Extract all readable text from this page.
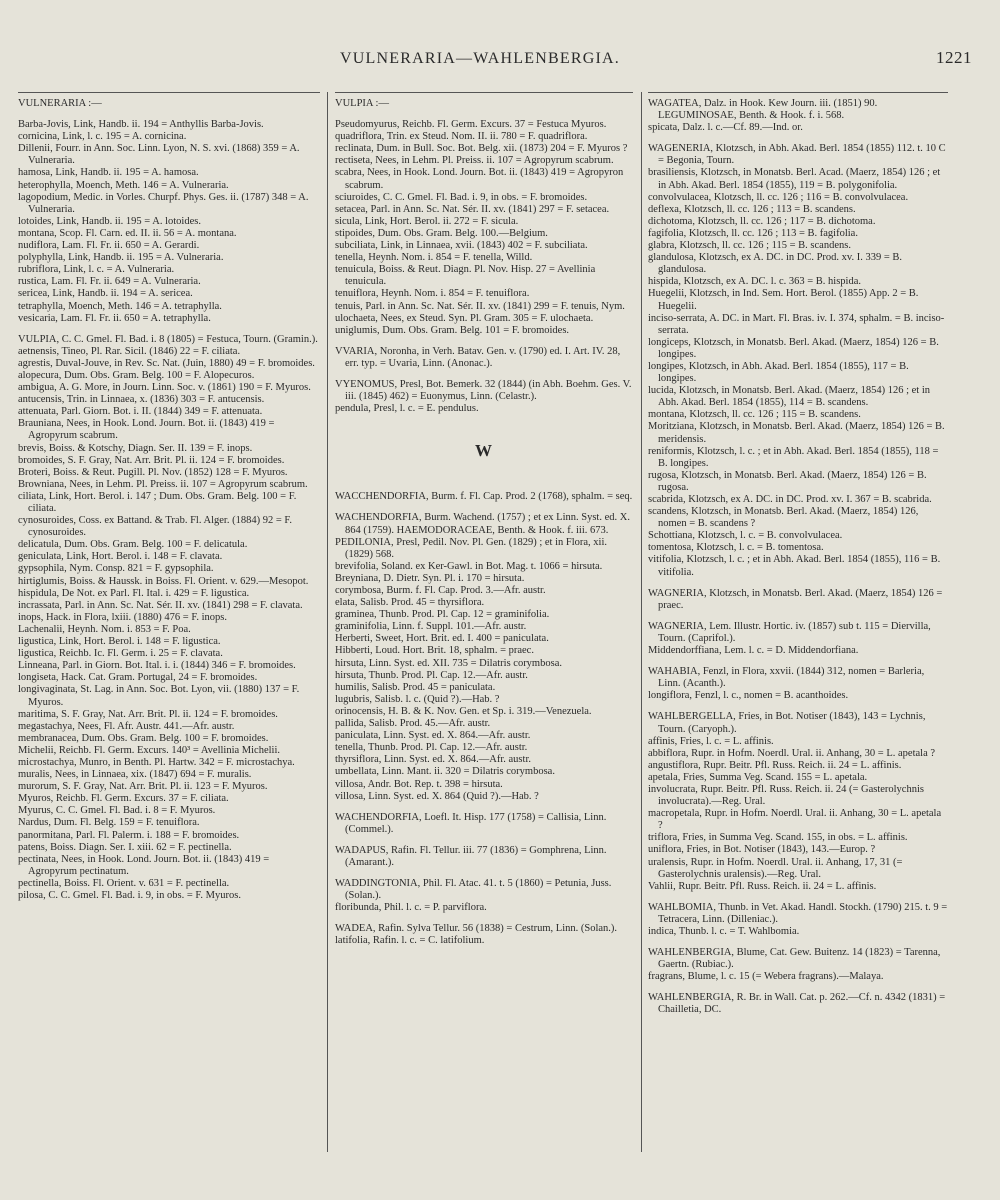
VULNERARIA—WAHLENBERGIA.	1221
VULNERARIA :—
Barba-Jovis, Link, Handb. ii. 194 = Anthyllis Barba-Jovis.
cornicina, Link, l. c. 195 = A. cornicina.
Dillenii, Fourr. in Ann. Soc. Linn. Lyon, N. S. xvi. (1868) 359 = A. Vulneraria.
hamosa, Link, Handb. ii. 195 = A. hamosa.
heterophylla, Moench, Meth. 146 = A. Vulneraria.
lagopodium, Medic. in Vorles. Churpf. Phys. Ges. ii. (1787) 348 = A. Vulneraria.
lotoides, Link, Handb. ii. 195 = A. lotoides.
montana, Scop. Fl. Carn. ed. II. ii. 56 = A. montana.
nudiflora, Lam. Fl. Fr. ii. 650 = A. Gerardi.
polyphylla, Link, Handb. ii. 195 = A. Vulneraria.
rubriflora, Link, l. c. = A. Vulneraria.
rustica, Lam. Fl. Fr. ii. 649 = A. Vulneraria.
sericea, Link, Handb. ii. 194 = A. sericea.
tetraphylla, Moench, Meth. 146 = A. tetraphylla.
vesicaria, Lam. Fl. Fr. ii. 650 = A. tetraphylla.
VULPIA, C. C. Gmel. Fl. Bad. i. 8 (1805) = Festuca, Tourn. (Gramin.).
aetnensis, Tineo, Pl. Rar. Sicil. (1846) 22 = F. ciliata.
agrestis, Duval-Jouve, in Rev. Sc. Nat. (Juin, 1880) 49 = F. bromoides.
alopecura, Dum. Obs. Gram. Belg. 100 = F. Alopecuros.
ambigua, A. G. More, in Journ. Linn. Soc. v. (1861) 190 = F. Myuros.
antucensis, Trin. in Linnaea, x. (1836) 303 = F. antucensis.
attenuata, Parl. Giorn. Bot. i. II. (1844) 349 = F. attenuata.
Brauniana, Nees, in Hook. Lond. Journ. Bot. ii. (1843) 419 = Agropyrum scabrum.
brevis, Boiss. & Kotschy, Diagn. Ser. II. 139 = F. inops.
bromoides, S. F. Gray, Nat. Arr. Brit. Pl. ii. 124 = F. bromoides.
Broteri, Boiss. & Reut. Pugill. Pl. Nov. (1852) 128 = F. Myuros.
Browniana, Nees, in Lehm. Pl. Preiss. ii. 107 = Agropyrum scabrum.
ciliata, Link, Hort. Berol. i. 147 ; Dum. Obs. Gram. Belg. 100 = F. ciliata.
cynosuroides, Coss. ex Battand. & Trab. Fl. Alger. (1884) 92 = F. cynosuroides.
delicatula, Dum. Obs. Gram. Belg. 100 = F. delicatula.
geniculata, Link, Hort. Berol. i. 148 = F. clavata.
gypsophila, Nym. Consp. 821 = F. gypsophila.
hirtiglumis, Boiss. & Haussk. in Boiss. Fl. Orient. v. 629.—Mesopot.
hispidula, De Not. ex Parl. Fl. Ital. i. 429 = F. ligustica.
incrassata, Parl. in Ann. Sc. Nat. Sér. II. xv. (1841) 298 = F. clavata.
inops, Hack. in Flora, lxiii. (1880) 476 = F. inops.
Lachenalii, Heynh. Nom. i. 853 = F. Poa.
ligustica, Link, Hort. Berol. i. 148 = F. ligustica.
ligustica, Reichb. Ic. Fl. Germ. i. 25 = F. clavata.
Linneana, Parl. in Giorn. Bot. Ital. i. i. (1844) 346 = F. bromoides.
longiseta, Hack. Cat. Gram. Portugal, 24 = F. bromoides.
longivaginata, St. Lag. in Ann. Soc. Bot. Lyon, vii. (1880) 137 = F. Myuros.
maritima, S. F. Gray, Nat. Arr. Brit. Pl. ii. 124 = F. bromoides.
megastachya, Nees, Fl. Afr. Austr. 441.—Afr. austr.
membranacea, Dum. Obs. Gram. Belg. 100 = F. bromoides.
Michelii, Reichb. Fl. Germ. Excurs. 140³ = Avellinia Michelii.
microstachya, Munro, in Benth. Pl. Hartw. 342 = F. microstachya.
muralis, Nees, in Linnaea, xix. (1847) 694 = F. muralis.
murorum, S. F. Gray, Nat. Arr. Brit. Pl. ii. 123 = F. Myuros.
Myuros, Reichb. Fl. Germ. Excurs. 37 = F. ciliata.
Myurus, C. C. Gmel. Fl. Bad. i. 8 = F. Myuros.
Nardus, Dum. Fl. Belg. 159 = F. tenuiflora.
panormitana, Parl. Fl. Palerm. i. 188 = F. bromoides.
patens, Boiss. Diagn. Ser. I. xiii. 62 = F. pectinella.
pectinata, Nees, in Hook. Lond. Journ. Bot. ii. (1843) 419 = Agropyrum pectinatum.
pectinella, Boiss. Fl. Orient. v. 631 = F. pectinella.
pilosa, C. C. Gmel. Fl. Bad. i. 9, in obs. = F. Myuros.
VULPIA :—
Pseudomyurus, Reichb. Fl. Germ. Excurs. 37 = Festuca Myuros.
quadriflora, Trin. ex Steud. Nom. II. ii. 780 = F. quadriflora.
reclinata, Dum. in Bull. Soc. Bot. Belg. xii. (1873) 204 = F. Myuros ?
rectiseta, Nees, in Lehm. Pl. Preiss. ii. 107 = Agropyrum scabrum.
scabra, Nees, in Hook. Lond. Journ. Bot. ii. (1843) 419 = Agropyron scabrum.
sciuroides, C. C. Gmel. Fl. Bad. i. 9, in obs. = F. bromoides.
setacea, Parl. in Ann. Sc. Nat. Sér. II. xv. (1841) 297 = F. setacea.
sicula, Link, Hort. Berol. ii. 272 = F. sicula.
stipoides, Dum. Obs. Gram. Belg. 100.—Belgium.
subciliata, Link, in Linnaea, xvii. (1843) 402 = F. subciliata.
tenella, Heynh. Nom. i. 854 = F. tenella, Willd.
tenuicula, Boiss. & Reut. Diagn. Pl. Nov. Hisp. 27 = Avellinia tenuicula.
tenuiflora, Heynh. Nom. i. 854 = F. tenuiflora.
tenuis, Parl. in Ann. Sc. Nat. Sér. II. xv. (1841) 299 = F. tenuis, Nym.
ulochaeta, Nees, ex Steud. Syn. Pl. Gram. 305 = F. ulochaeta.
uniglumis, Dum. Obs. Gram. Belg. 101 = F. bromoides.
VVARIA, Noronha, in Verh. Batav. Gen. v. (1790) ed. I. Art. IV. 28, err. typ. = Uvaria, Linn. (Anonac.).
VYENOMUS, Presl, Bot. Bemerk. 32 (1844) (in Abh. Boehm. Ges. V. iii. (1845) 462) = Euonymus, Linn. (Celastr.).
pendula, Presl, l. c. = E. pendulus.
W
WACCHENDORFIA, Burm. f. Fl. Cap. Prod. 2 (1768), sphalm. = seq.
WACHENDORFIA, Burm. Wachend. (1757) ; et ex Linn. Syst. ed. X. 864 (1759). HAEMODORACEAE, Benth. & Hook. f. iii. 673.
PEDILONIA, Presl, Pedil. Nov. Pl. Gen. (1829) ; et in Flora, xii. (1829) 568.
brevifolia, Soland. ex Ker-Gawl. in Bot. Mag. t. 1066 = hirsuta.
Breyniana, D. Dietr. Syn. Pl. i. 170 = hirsuta.
corymbosa, Burm. f. Fl. Cap. Prod. 3.—Afr. austr.
elata, Salisb. Prod. 45 = thyrsiflora.
graminea, Thunb. Prod. Pl. Cap. 12 = graminifolia.
graminifolia, Linn. f. Suppl. 101.—Afr. austr.
Herberti, Sweet, Hort. Brit. ed. I. 400 = paniculata.
Hibberti, Loud. Hort. Brit. 18, sphalm. = praec.
hirsuta, Linn. Syst. ed. XII. 735 = Dilatris corymbosa.
hirsuta, Thunb. Prod. Pl. Cap. 12.—Afr. austr.
humilis, Salisb. Prod. 45 = paniculata.
lugubris, Salisb. l. c. (Quid ?).—Hab. ?
orinocensis, H. B. & K. Nov. Gen. et Sp. i. 319.—Venezuela.
pallida, Salisb. Prod. 45.—Afr. austr.
paniculata, Linn. Syst. ed. X. 864.—Afr. austr.
tenella, Thunb. Prod. Pl. Cap. 12.—Afr. austr.
thyrsiflora, Linn. Syst. ed. X. 864.—Afr. austr.
umbellata, Linn. Mant. ii. 320 = Dilatris corymbosa.
villosa, Andr. Bot. Rep. t. 398 = hirsuta.
villosa, Linn. Syst. ed. X. 864 (Quid ?).—Hab. ?
WACHENDORFIA, Loefl. It. Hisp. 177 (1758) = Callisia, Linn. (Commel.).
WADAPUS, Rafin. Fl. Tellur. iii. 77 (1836) = Gomphrena, Linn. (Amarant.).
WADDINGTONIA, Phil. Fl. Atac. 41. t. 5 (1860) = Petunia, Juss. (Solan.).
floribunda, Phil. l. c. = P. parviflora.
WADEA, Rafin. Sylva Tellur. 56 (1838) = Cestrum, Linn. (Solan.).
latifolia, Rafin. l. c. = C. latifolium.
WAGATEA, Dalz. in Hook. Kew Journ. iii. (1851) 90. LEGUMINOSAE, Benth. & Hook. f. i. 568.
spicata, Dalz. l. c.—Cf. 89.—Ind. or.
WAGENERIA, Klotzsch, in Abh. Akad. Berl. 1854 (1855) 112. t. 10 C = Begonia, Tourn.
brasiliensis, Klotzsch, in Monatsb. Berl. Acad. (Maerz, 1854) 126 ; et in Abh. Akad. Berl. 1854 (1855), 119 = B. polygonifolia.
convolvulacea, Klotzsch, ll. cc. 126 ; 116 = B. convolvulacea.
deflexa, Klotzsch, ll. cc. 126 ; 113 = B. scandens.
dichotoma, Klotzsch, ll. cc. 126 ; 117 = B. dichotoma.
fagifolia, Klotzsch, ll. cc. 126 ; 113 = B. fagifolia.
glabra, Klotzsch, ll. cc. 126 ; 115 = B. scandens.
glandulosa, Klotzsch, ex A. DC. in DC. Prod. xv. I. 339 = B. glandulosa.
hispida, Klotzsch, ex A. DC. l. c. 363 = B. hispida.
Huegelii, Klotzsch, in Ind. Sem. Hort. Berol. (1855) App. 2 = B. Huegelii.
inciso-serrata, A. DC. in Mart. Fl. Bras. iv. I. 374, sphalm. = B. inciso-serrata.
longiceps, Klotzsch, in Monatsb. Berl. Akad. (Maerz, 1854) 126 = B. longipes.
longipes, Klotzsch, in Abh. Akad. Berl. 1854 (1855), 117 = B. longipes.
lucida, Klotzsch, in Monatsb. Berl. Akad. (Maerz, 1854) 126 ; et in Abh. Akad. Berl. 1854 (1855), 114 = B. scandens.
montana, Klotzsch, ll. cc. 126 ; 115 = B. scandens.
Moritziana, Klotzsch, in Monatsb. Berl. Akad. (Maerz, 1854) 126 = B. meridensis.
reniformis, Klotzsch, l. c. ; et in Abh. Akad. Berl. 1854 (1855), 118 = B. longipes.
rugosa, Klotzsch, in Monatsb. Berl. Akad. (Maerz, 1854) 126 = B. rugosa.
scabrida, Klotzsch, ex A. DC. in DC. Prod. xv. I. 367 = B. scabrida.
scandens, Klotzsch, in Monatsb. Berl. Akad. (Maerz, 1854) 126, nomen = B. scandens ?
Schottiana, Klotzsch, l. c. = B. convolvulacea.
tomentosa, Klotzsch, l. c. = B. tomentosa.
vitifolia, Klotzsch, l. c. ; et in Abh. Akad. Berl. 1854 (1855), 116 = B. vitifolia.
WAGNERIA, Klotzsch, in Monatsb. Berl. Akad. (Maerz, 1854) 126 = praec.
WAGNERIA, Lem. Illustr. Hortic. iv. (1857) sub t. 115 = Diervilla, Tourn. (Caprifol.).
Middendorffiana, Lem. l. c. = D. Middendorfiana.
WAHABIA, Fenzl, in Flora, xxvii. (1844) 312, nomen = Barleria, Linn. (Acanth.).
longiflora, Fenzl, l. c., nomen = B. acanthoides.
WAHLBERGELLA, Fries, in Bot. Notiser (1843), 143 = Lychnis, Tourn. (Caryoph.).
affinis, Fries, l. c. = L. affinis.
abbiflora, Rupr. in Hofm. Noerdl. Ural. ii. Anhang, 30 = L. apetala ?
angustiflora, Rupr. Beitr. Pfl. Russ. Reich. ii. 24 = L. affinis.
apetala, Fries, Summa Veg. Scand. 155 = L. apetala.
involucrata, Rupr. Beitr. Pfl. Russ. Reich. ii. 24 (= Gasterolychnis involucrata).—Reg. Ural.
macropetala, Rupr. in Hofm. Noerdl. Ural. ii. Anhang, 30 = L. apetala ?
triflora, Fries, in Summa Veg. Scand. 155, in obs. = L. affinis.
uniflora, Fries, in Bot. Notiser (1843), 143.—Europ. ?
uralensis, Rupr. in Hofm. Noerdl. Ural. ii. Anhang, 17, 31 (= Gasterolychnis uralensis).—Reg. Ural.
Vahlii, Rupr. Beitr. Pfl. Russ. Reich. ii. 24 = L. affinis.
WAHLBOMIA, Thunb. in Vet. Akad. Handl. Stockh. (1790) 215. t. 9 = Tetracera, Linn. (Dilleniac.).
indica, Thunb. l. c. = T. Wahlbomia.
WAHLENBERGIA, Blume, Cat. Gew. Buitenz. 14 (1823) = Tarenna, Gaertn. (Rubiac.).
fragrans, Blume, l. c. 15 (= Webera fragrans).—Malaya.
WAHLENBERGIA, R. Br. in Wall. Cat. p. 262.—Cf. n. 4342 (1831) = Chailletia, DC.
